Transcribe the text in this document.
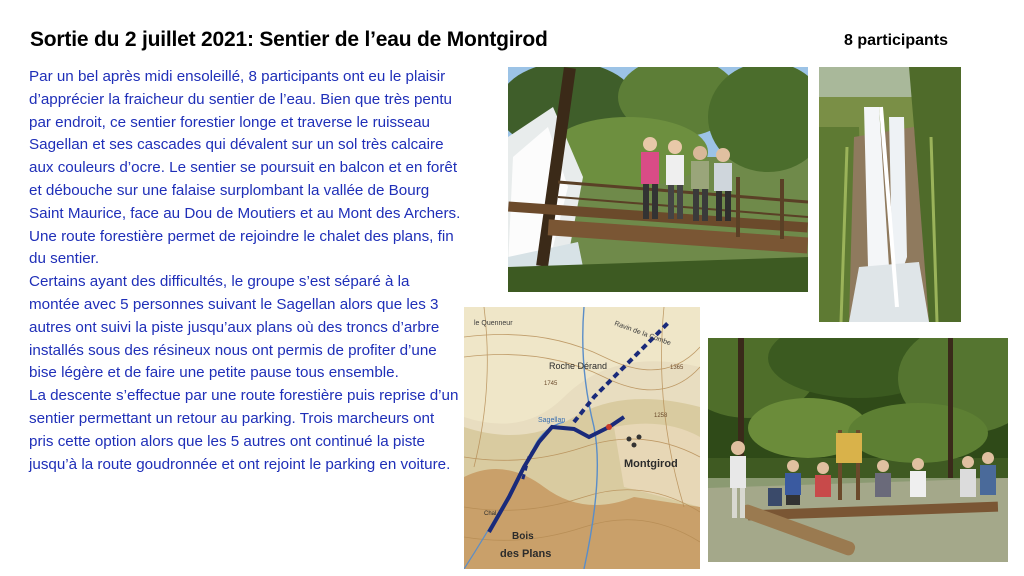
Sortie du 2 juillet 2021: Sentier de l’eau de Montgirod	8 participants

Par un bel après midi ensoleillé, 8 participants ont eu le plaisir d’apprécier la fraicheur du sentier de l’eau. Bien que très pentu par endroit, ce sentier forestier longe et traverse le ruisseau Sagellan et ses cascades qui dévalent sur un sol très calcaire aux couleurs d’ocre. Le sentier se poursuit en balcon et en forêt et débouche sur une falaise surplombant la vallée de Bourg Saint Maurice, face au Dou de Moutiers et au Mont des Archers. Une route forestière permet de rejoindre le chalet des plans, fin du sentier.

Certains ayant des difficultés, le groupe s’est séparé à la montée avec 5 personnes suivant le Sagellan alors que les 3 autres ont suivi la piste jusqu’aux plans où des troncs d’arbre installés sous des résineux nous ont permis de profiter d’une bise légère et de faire une petite pause tous ensemble.

La descente s’effectue par une route forestière puis reprise d’un sentier permettant un retour au parking. Trois marcheurs ont pris cette option alors que les 5 autres ont continué la piste jusqu’à la route goudronnée et ont rejoint le parking en voiture.

Roche Dérand
Montgirod
des Plans
Bois
Ravin de la Combe
le Quenneur
Sagellan
1745
1365
1258
Chal.
